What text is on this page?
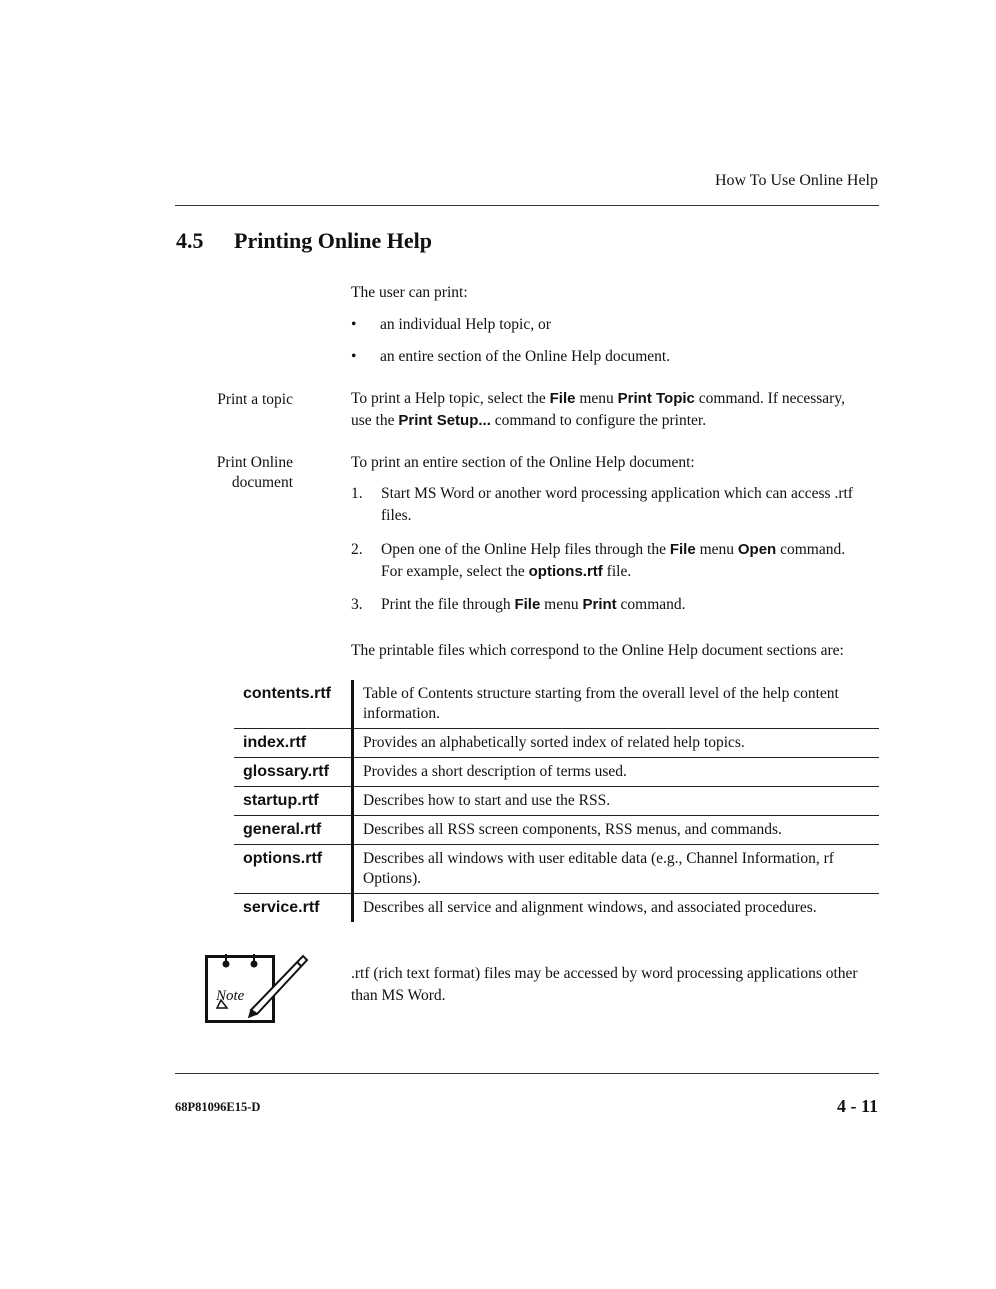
How To Use Online Help
4.5 Printing Online Help
The user can print:
• an individual Help topic, or
• an entire section of the Online Help document.
Print a topic	To print a Help topic, select the File menu Print Topic command. If necessary,
use the Print Setup... command to configure the printer.
Print Online
document
To print an entire section of the Online Help document:
1. Start MS Word or another word processing application which can access .rtf
files.
2. Open one of the Online Help files through the File menu Open command.
For example, select the options.rtf file.
3. Print the file through File menu Print command.
The printable files which correspond to the Online Help document sections are:
contents.rtf	Table of Contents structure starting from the overall level of the help content information.
index.rtf	Provides an alphabetically sorted index of related help topics.
glossary.rtf	Provides a short description of terms used.
startup.rtf	Describes how to start and use the RSS.
general.rtf	Describes all RSS screen components, RSS menus, and commands.
options.rtf	Describes all windows with user editable data (e.g., Channel Information, rf Options).
service.rtf	Describes all service and alignment windows, and associated procedures.
Note
.rtf (rich text format) files may be accessed by word processing applications other
than MS Word.
68P81096E15-D	4 - 11
